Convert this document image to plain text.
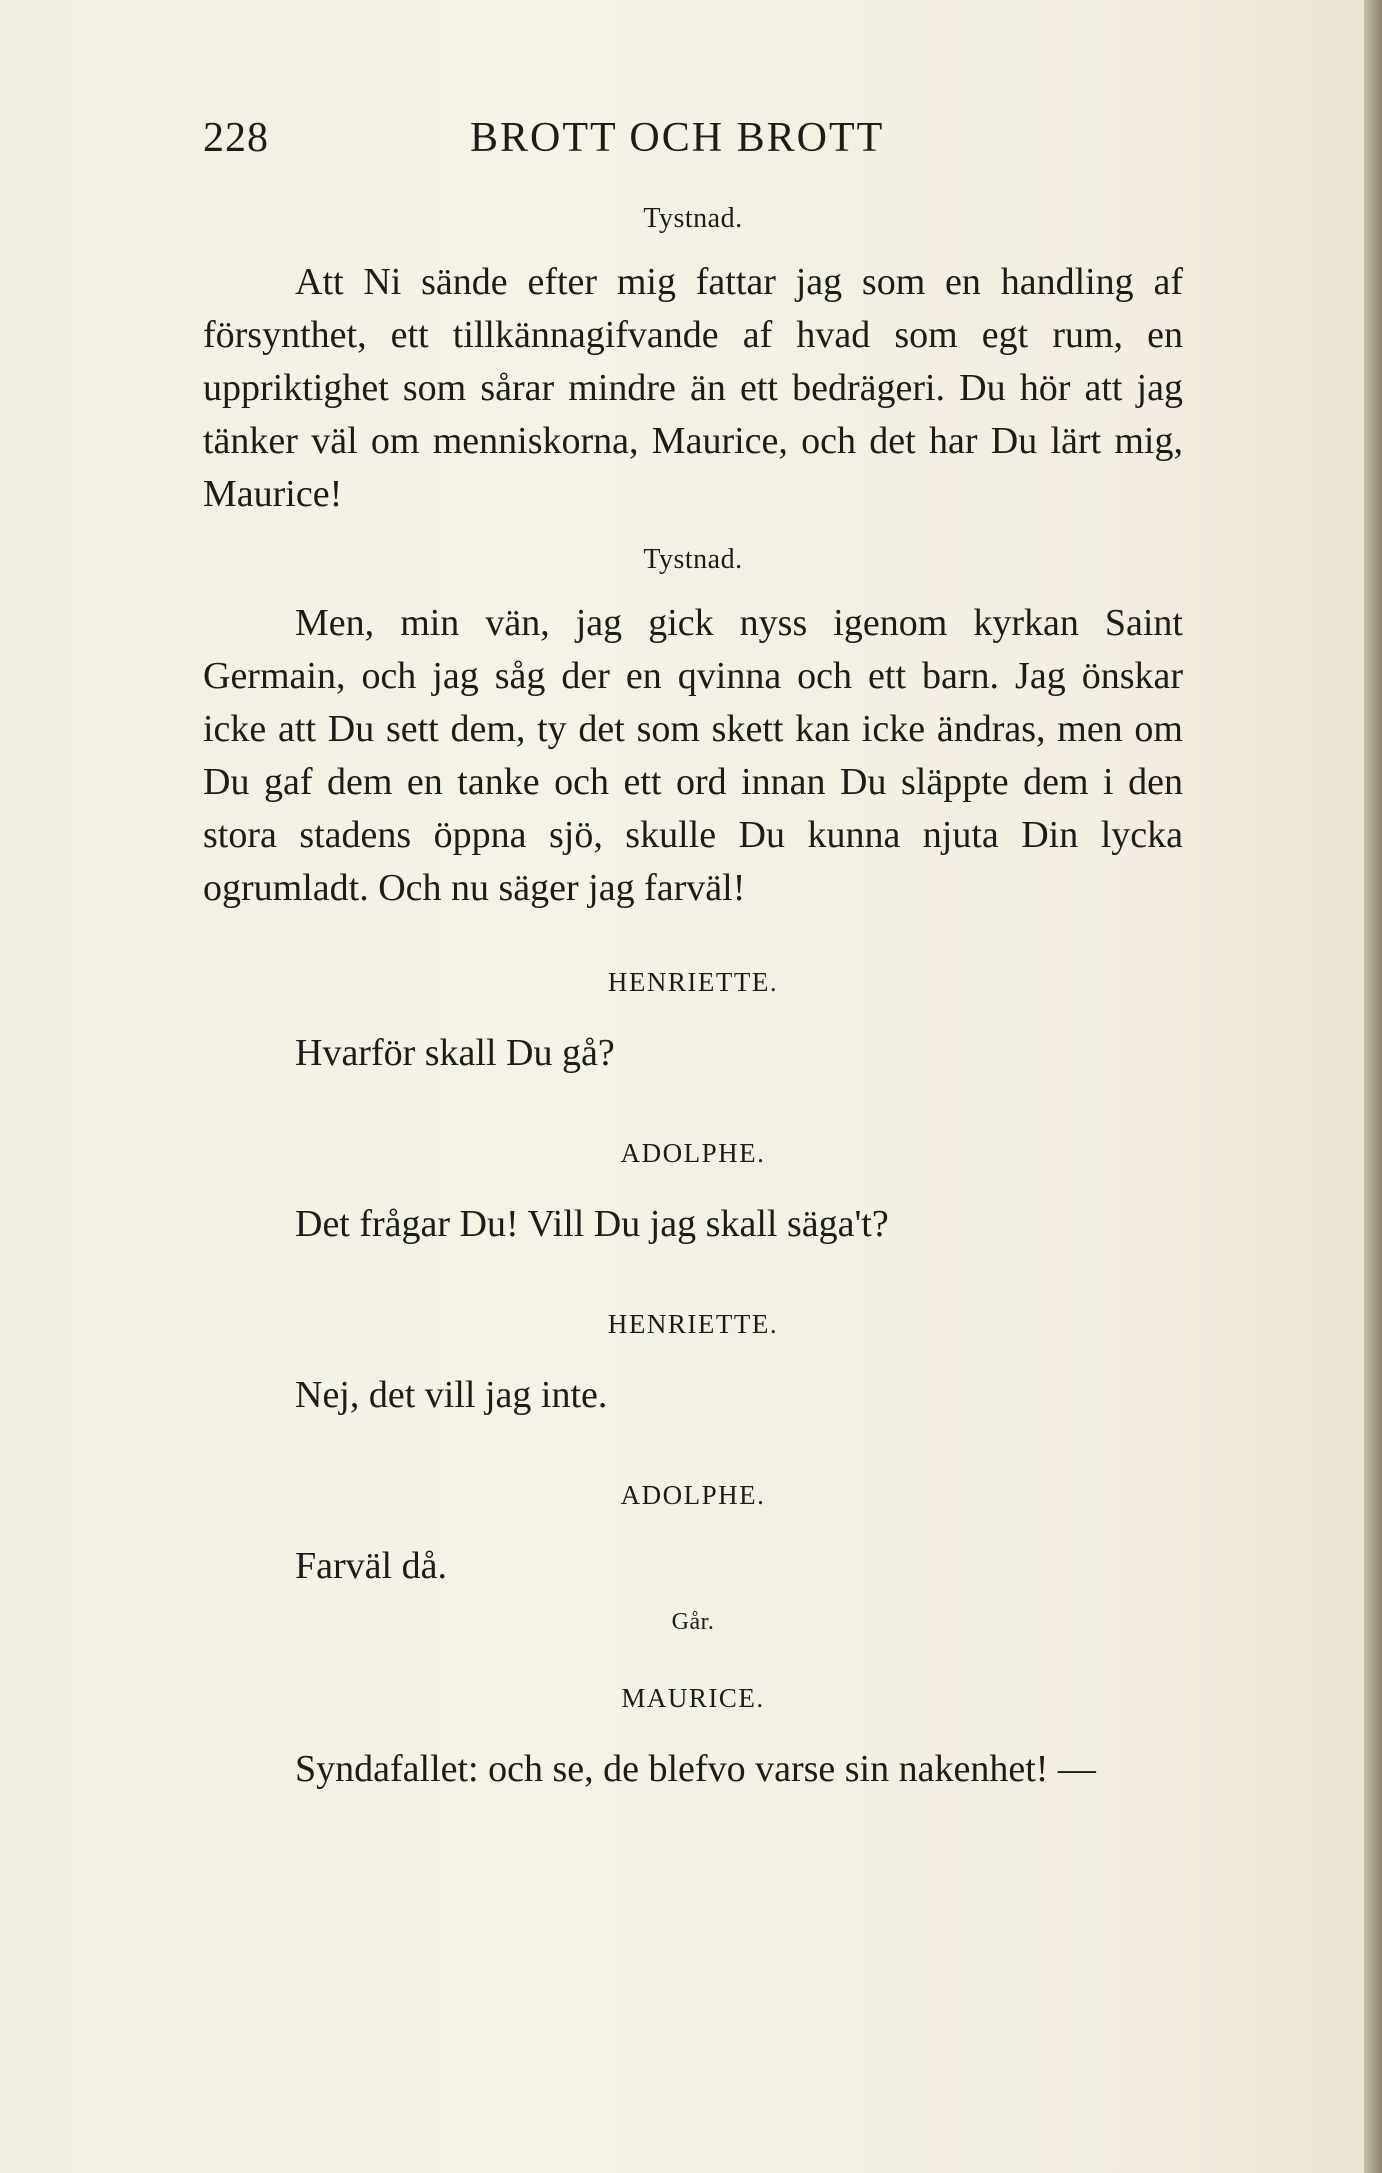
228	BROTT OCH BROTT
Tystnad.

Att Ni sände efter mig fattar jag som en handling af försynthet, ett tillkännagifvande af hvad som egt rum, en uppriktighet som sårar mindre än ett bedrägeri. Du hör att jag tänker väl om menniskorna, Maurice, och det har Du lärt mig, Maurice!

Tystnad.

Men, min vän, jag gick nyss igenom kyrkan Saint Germain, och jag såg der en qvinna och ett barn. Jag önskar icke att Du sett dem, ty det som skett kan icke ändras, men om Du gaf dem en tanke och ett ord innan Du släppte dem i den stora stadens öppna sjö, skulle Du kunna njuta Din lycka ogrumladt. Och nu säger jag farväl!

HENRIETTE.

Hvarför skall Du gå?

ADOLPHE.

Det frågar Du! Vill Du jag skall säga't?

HENRIETTE.

Nej, det vill jag inte.

ADOLPHE.

Farväl då.

Går.
MAURICE.

Syndafallet: och se, de blefvo varse sin nakenhet! —
